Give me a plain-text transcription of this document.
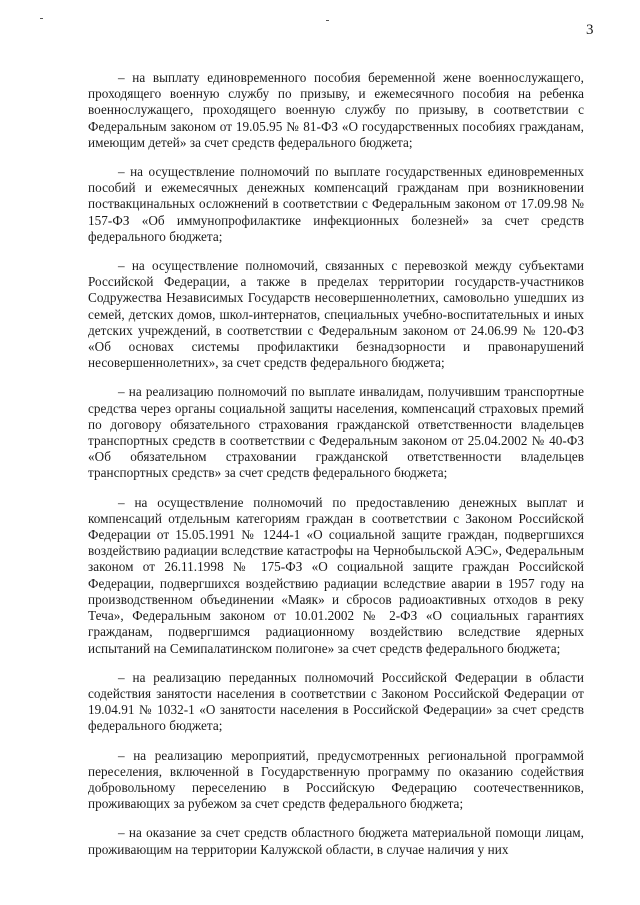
3

– на выплату единовременного пособия беременной жене военнослужащего, проходящего военную службу по призыву, и ежемесячного пособия на ребенка военнослужащего, проходящего военную службу по призыву, в соответствии с Федеральным законом от 19.05.95 № 81-ФЗ «О государственных пособиях гражданам, имеющим детей» за счет средств федерального бюджета;

– на осуществление полномочий по выплате государственных единовременных пособий и ежемесячных денежных компенсаций гражданам при возникновении поствакцинальных осложнений в соответствии с Федеральным законом от 17.09.98 № 157-ФЗ «Об иммунопрофилактике инфекционных болезней» за счет средств федерального бюджета;

– на осуществление полномочий, связанных с перевозкой между субъектами Российской Федерации, а также в пределах территории государств-участников Содружества Независимых Государств несовершеннолетних, самовольно ушедших из семей, детских домов, школ-интернатов, специальных учебно-воспитательных и иных детских учреждений, в соответствии с Федеральным законом от 24.06.99 № 120-ФЗ «Об основах системы профилактики безнадзорности и правонарушений несовершеннолетних», за счет средств федерального бюджета;

– на реализацию полномочий по выплате инвалидам, получившим транспортные средства через органы социальной защиты населения, компенсаций страховых премий по договору обязательного страхования гражданской ответственности владельцев транспортных средств в соответствии с Федеральным законом от 25.04.2002 № 40-ФЗ «Об обязательном страховании гражданской ответственности владельцев транспортных средств» за счет средств федерального бюджета;

– на осуществление полномочий по предоставлению денежных выплат и компенсаций отдельным категориям граждан в соответствии с Законом Российской Федерации от 15.05.1991 № 1244-1 «О социальной защите граждан, подвергшихся воздействию радиации вследствие катастрофы на Чернобыльской АЭС», Федеральным законом от 26.11.1998 № 175-ФЗ «О социальной защите граждан Российской Федерации, подвергшихся воздействию радиации вследствие аварии в 1957 году на производственном объединении «Маяк» и сбросов радиоактивных отходов в реку Теча», Федеральным законом от 10.01.2002 № 2-ФЗ «О социальных гарантиях гражданам, подвергшимся радиационному воздействию вследствие ядерных испытаний на Семипалатинском полигоне» за счет средств федерального бюджета;

– на реализацию переданных полномочий Российской Федерации в области содействия занятости населения в соответствии с Законом Российской Федерации от 19.04.91 № 1032-1 «О занятости населения в Российской Федерации» за счет средств федерального бюджета;

– на реализацию мероприятий, предусмотренных региональной программой переселения, включенной в Государственную программу по оказанию содействия добровольному переселению в Российскую Федерацию соотечественников, проживающих за рубежом за счет средств федерального бюджета;

– на оказание за счет средств областного бюджета материальной помощи лицам, проживающим на территории Калужской области, в случае наличия у них
